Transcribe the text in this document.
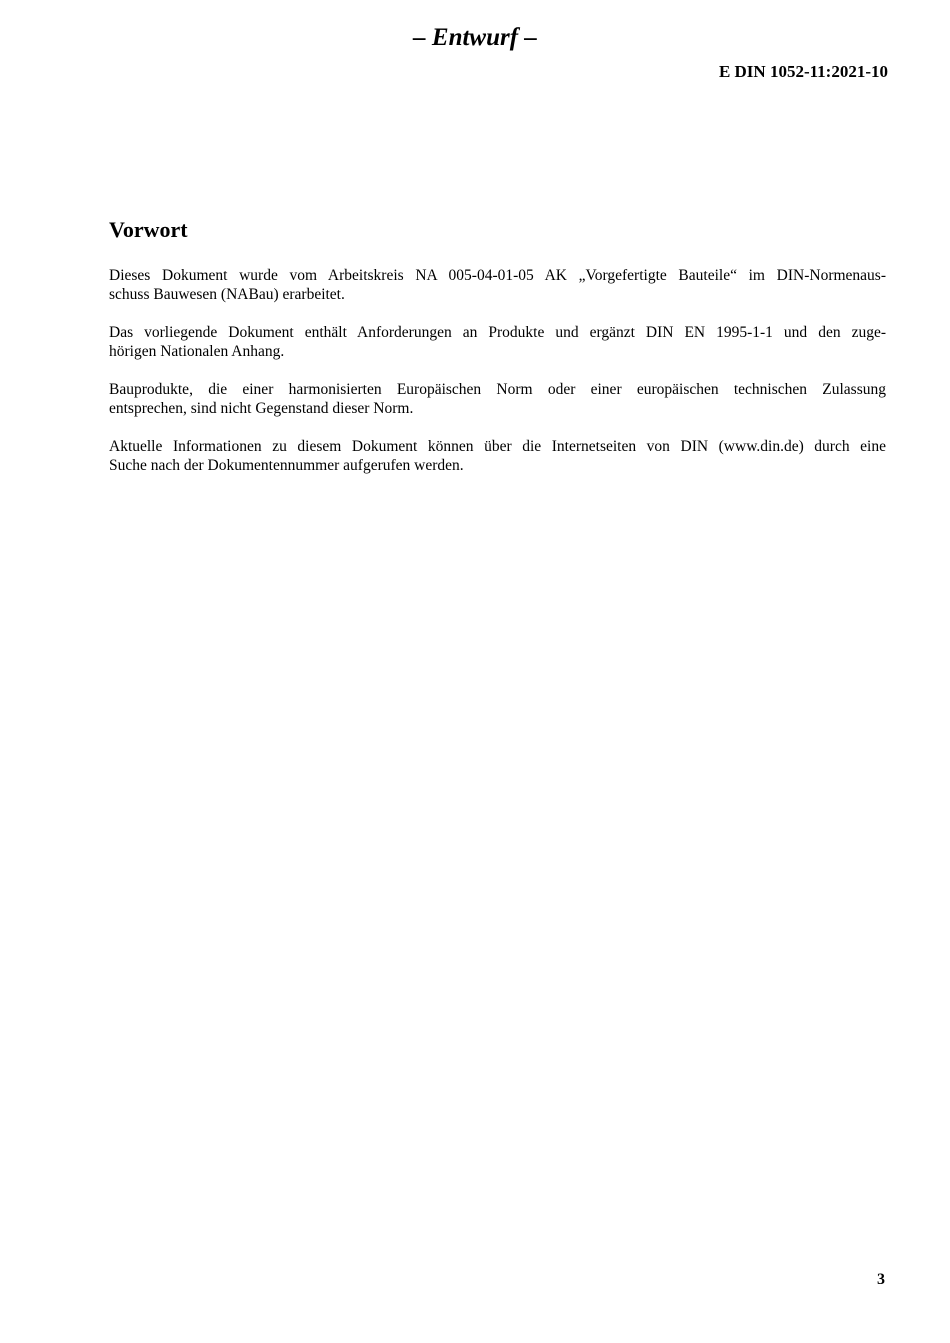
– Entwurf –
E DIN 1052-11:2021-10
Vorwort

Dieses Dokument wurde vom Arbeitskreis NA 005-04-01-05 AK „Vorgefertigte Bauteile“ im DIN-Normenaus-
schuss Bauwesen (NABau) erarbeitet.

Das vorliegende Dokument enthält Anforderungen an Produkte und ergänzt DIN EN 1995-1-1 und den zuge-
hörigen Nationalen Anhang.

Bauprodukte, die einer harmonisierten Europäischen Norm oder einer europäischen technischen Zulassung
entsprechen, sind nicht Gegenstand dieser Norm.

Aktuelle Informationen zu diesem Dokument können über die Internetseiten von DIN (www.din.de) durch eine
Suche nach der Dokumentennummer aufgerufen werden.

3
